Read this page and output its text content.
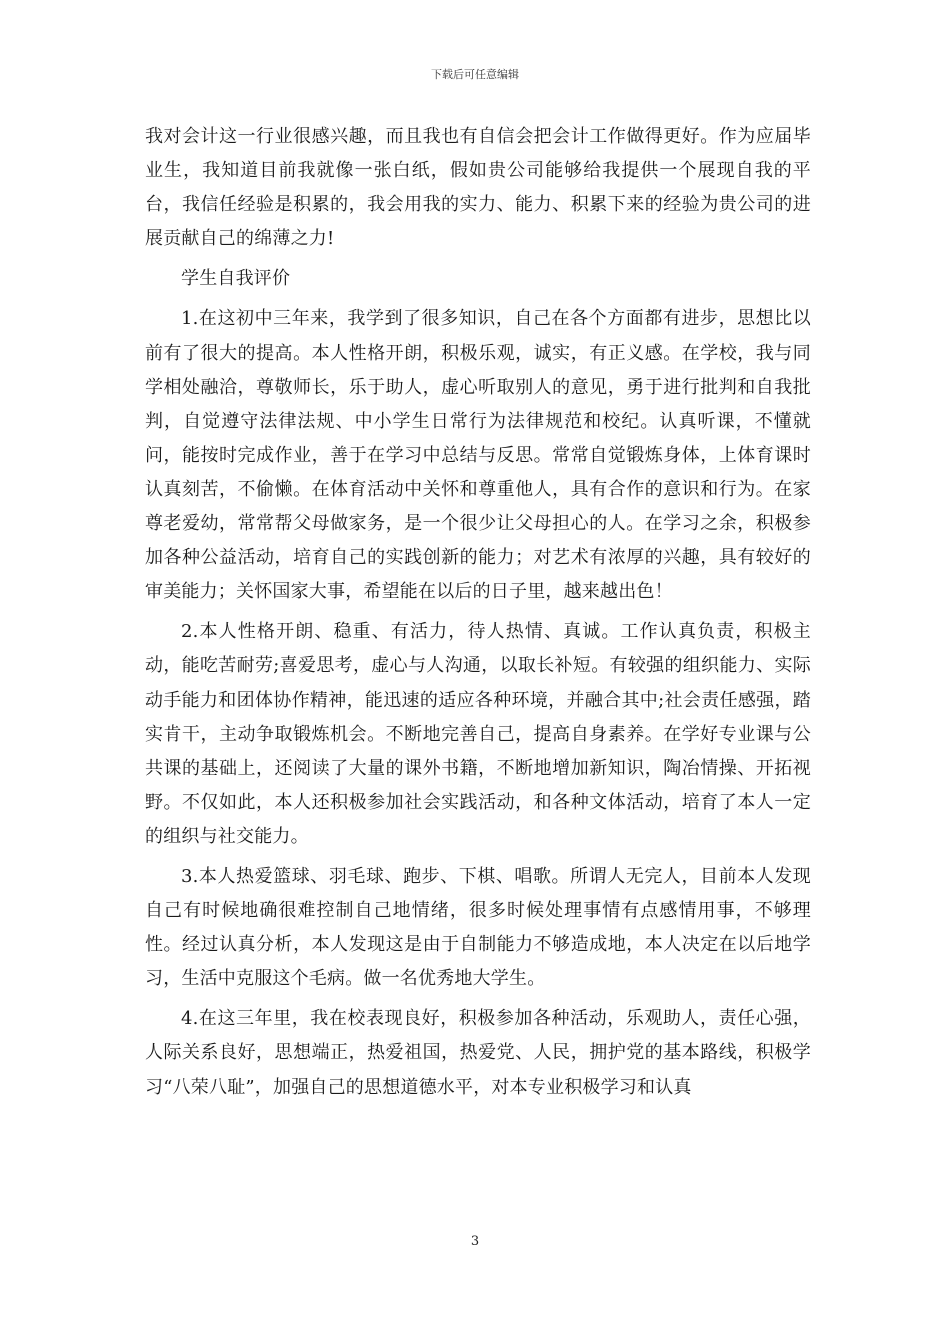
下载后可任意编辑

我对会计这一行业很感兴趣，而且我也有自信会把会计工作做得更好。作为应届毕业生，我知道目前我就像一张白纸，假如贵公司能够给我提供一个展现自我的平台，我信任经验是积累的，我会用我的实力、能力、积累下来的经验为贵公司的进展贡献自己的绵薄之力!

学生自我评价

1.在这初中三年来，我学到了很多知识，自己在各个方面都有进步，思想比以前有了很大的提高。本人性格开朗，积极乐观，诚实，有正义感。在学校，我与同学相处融洽，尊敬师长，乐于助人，虚心听取别人的意见，勇于进行批判和自我批判，自觉遵守法律法规、中小学生日常行为法律规范和校纪。认真听课，不懂就问，能按时完成作业，善于在学习中总结与反思。常常自觉锻炼身体，上体育课时认真刻苦，不偷懒。在体育活动中关怀和尊重他人，具有合作的意识和行为。在家尊老爱幼，常常帮父母做家务，是一个很少让父母担心的人。在学习之余，积极参加各种公益活动，培育自己的实践创新的能力；对艺术有浓厚的兴趣，具有较好的审美能力；关怀国家大事，希望能在以后的日子里，越来越出色！

2.本人性格开朗、稳重、有活力，待人热情、真诚。工作认真负责，积极主动，能吃苦耐劳;喜爱思考，虚心与人沟通，以取长补短。有较强的组织能力、实际动手能力和团体协作精神，能迅速的适应各种环境，并融合其中;社会责任感强，踏实肯干，主动争取锻炼机会。不断地完善自己，提高自身素养。在学好专业课与公共课的基础上，还阅读了大量的课外书籍，不断地增加新知识，陶冶情操、开拓视野。不仅如此，本人还积极参加社会实践活动，和各种文体活动，培育了本人一定的组织与社交能力。

3.本人热爱篮球、羽毛球、跑步、下棋、唱歌。所谓人无完人，目前本人发现自己有时候地确很难控制自己地情绪，很多时候处理事情有点感情用事，不够理性。经过认真分析，本人发现这是由于自制能力不够造成地，本人决定在以后地学习，生活中克服这个毛病。做一名优秀地大学生。

4.在这三年里，我在校表现良好，积极参加各种活动，乐观助人，责任心强，人际关系良好，思想端正，热爱祖国，热爱党、人民，拥护党的基本路线，积极学习“八荣八耻”，加强自己的思想道德水平，对本专业积极学习和认真

3
